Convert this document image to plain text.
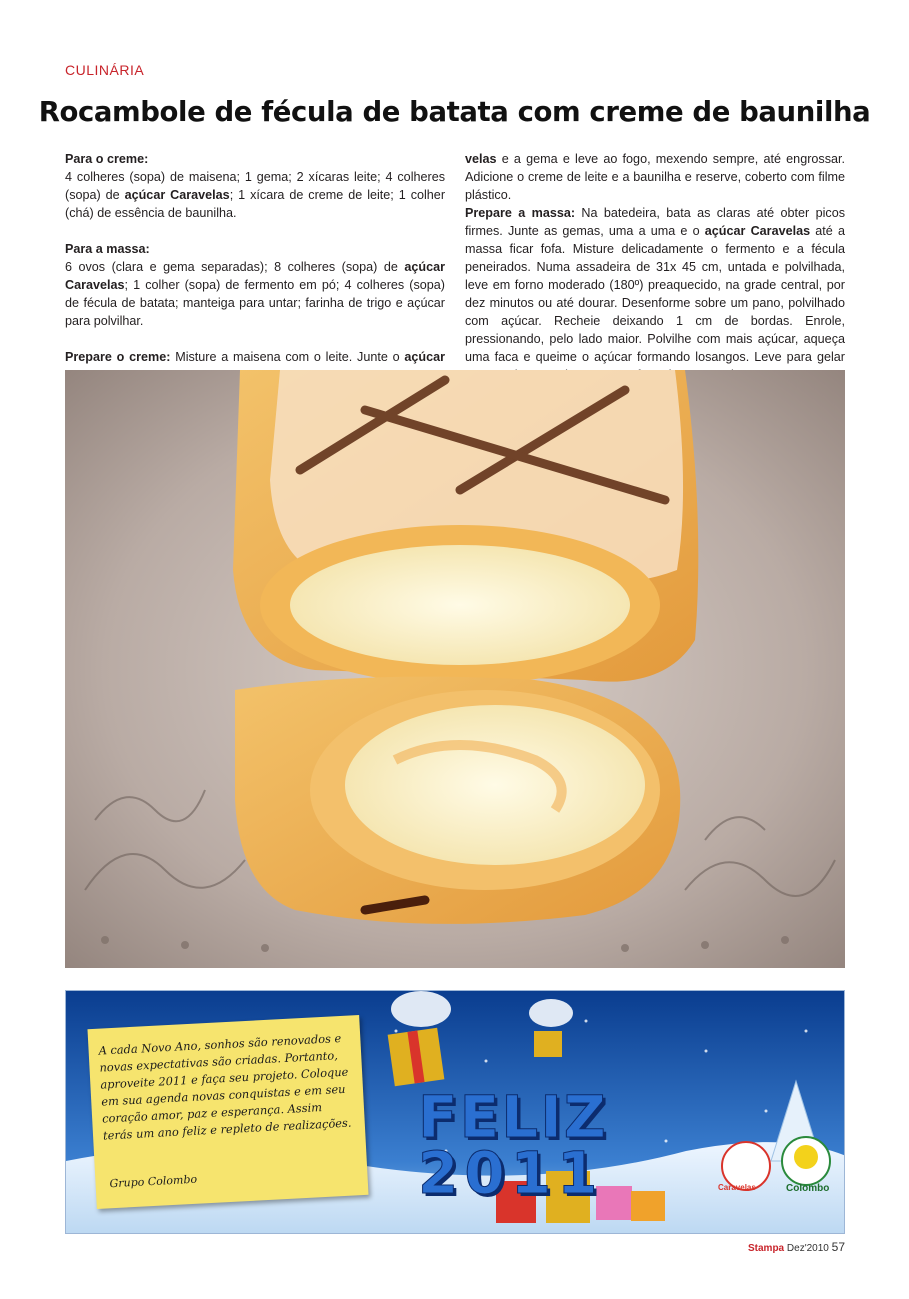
CULINÁRIA
Rocambole de fécula de batata com creme de baunilha

Para o creme:

4 colheres (sopa) de maisena; 1 gema; 2 xícaras leite; 4 colheres (sopa) de açúcar Caravelas; 1 xícara de creme de leite; 1 colher (chá) de essência de baunilha.

Para a massa:

6 ovos (clara e gema separadas); 8 colheres (sopa) de açúcar Caravelas; 1 colher (sopa) de fermento em pó; 4 colheres (sopa) de fécula de batata; manteiga para untar; farinha de trigo e açúcar para polvilhar.

Prepare o creme: Misture a maisena com o leite. Junte o açúcar

velas e a gema e leve ao fogo, mexendo sempre, até engrossar. Adicione o creme de leite e a baunilha e reserve, coberto com filme plástico.

Prepare a massa: Na batedeira, bata as claras até obter picos firmes. Junte as gemas, uma a uma e o açúcar Caravelas até a massa ficar fofa. Misture delicadamente o fermento e a fécula peneirados. Numa assadeira de 31x 45 cm, untada e polvilhada, leve em forno moderado (180º) preaquecido, na grade central, por dez minutos ou até dourar. Desenforme sobre um pano, polvilhado com açúcar. Recheie deixando 1 cm de bordas. Enrole, pressionando, pelo lado maior. Polvilhe com mais açúcar, aqueça uma faca e queime o açúcar formando losangos. Leve para gelar

FELIZ
2011	Caravelas	Colombo
A cada Novo Ano, sonhos são renovados e novas expectativas são criadas. Portanto, aproveite 2011 e faça seu projeto. Coloque em sua agenda novas conquistas e em seu coração amor, paz e esperança. Assim terás um ano feliz e repleto de realizações.
Grupo Colombo
Stampa Dez'2010 57
